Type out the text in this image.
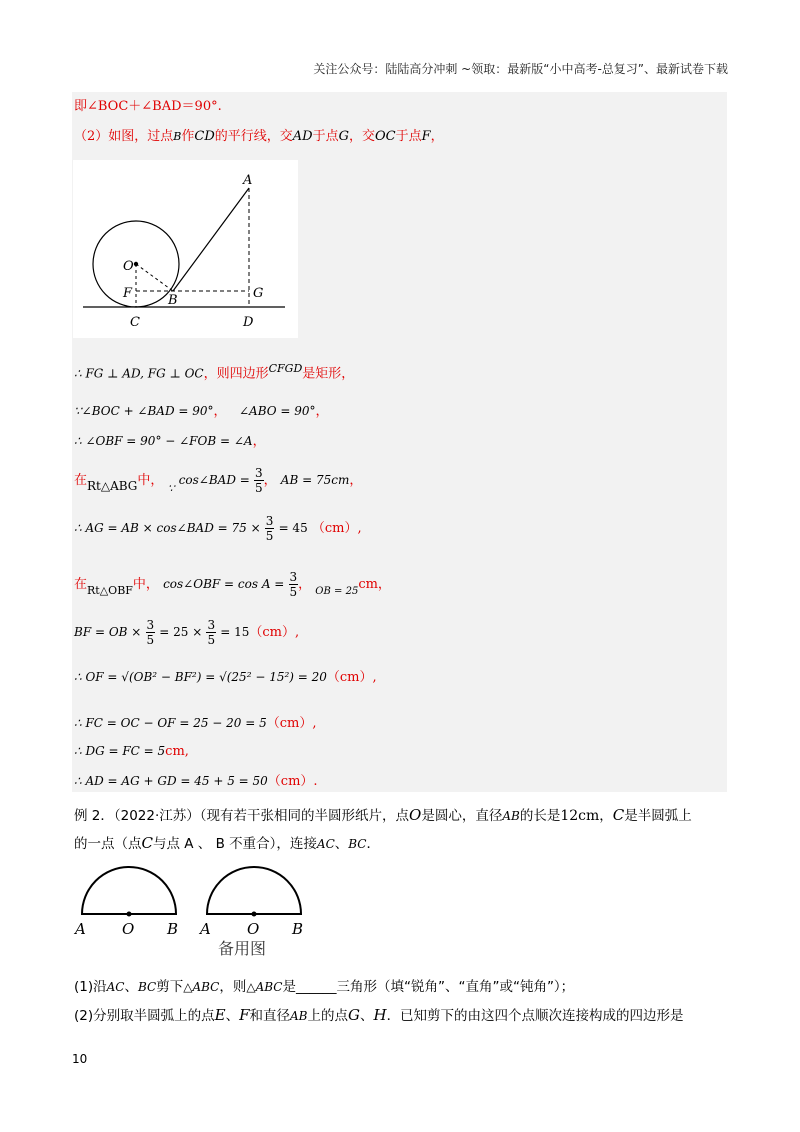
关注公众号：陆陆高分冲刺 ~领取：最新版“小中高考-总复习”、最新试卷下载
即∠BOC＋∠BAD＝90°.
（2）如图，过点B作CD的平行线，交AD于点G，交OC于点F，
A
O
F	B	G
C	D
∴ FG ⊥ AD, FG ⊥ OC，则四边形$^{CFGD}$是矩形，
∵∠BOC + ∠BAD = 90°， ∠ABO = 90°，
∴ ∠OBF = 90° − ∠FOB = ∠A，
在Rt△ABG中， $_\because$ cos∠BAD = $\frac{3}{5}$ ， AB = 75cm，
∴ AG = AB × cos∠BAD = $75 \times \frac{3}{5} = 45$ （cm）,
在$_{Rt\triangle OBF}$中， cos∠OBF = $\cos A = \frac{3}{5}$ ， $_{OB = 25}$cm，
BF = OB × $\frac{3}{5} = 25 \times \frac{3}{5} = 15(cm)$,
∴ OF = √(OB² − BF²) = √(25² − 15²) = 20（cm）,
∴ FC = OC − OF = 25 − 20 = 5（cm）,
∴ DG = FC = 5cm,
∴ AD = AG + GD = 45 + 5 = 50（cm）.
例 2．（2022·江苏）（现有若干张相同的半圆形纸片，点O是圆心，直径AB的长是12cm，C是半圆弧上
的一点（点C与点 A 、 B 不重合），连接AC、BC．
A O B A O B
备用图
(1)沿AC、BC剪下△ABC，则△ABC是______三角形（填“锐角”、“直角”或“钝角”）；
(2)分别取半圆弧上的点E、F和直径AB上的点G、H．已知剪下的由这四个点顺次连接构成的四边形是
10
